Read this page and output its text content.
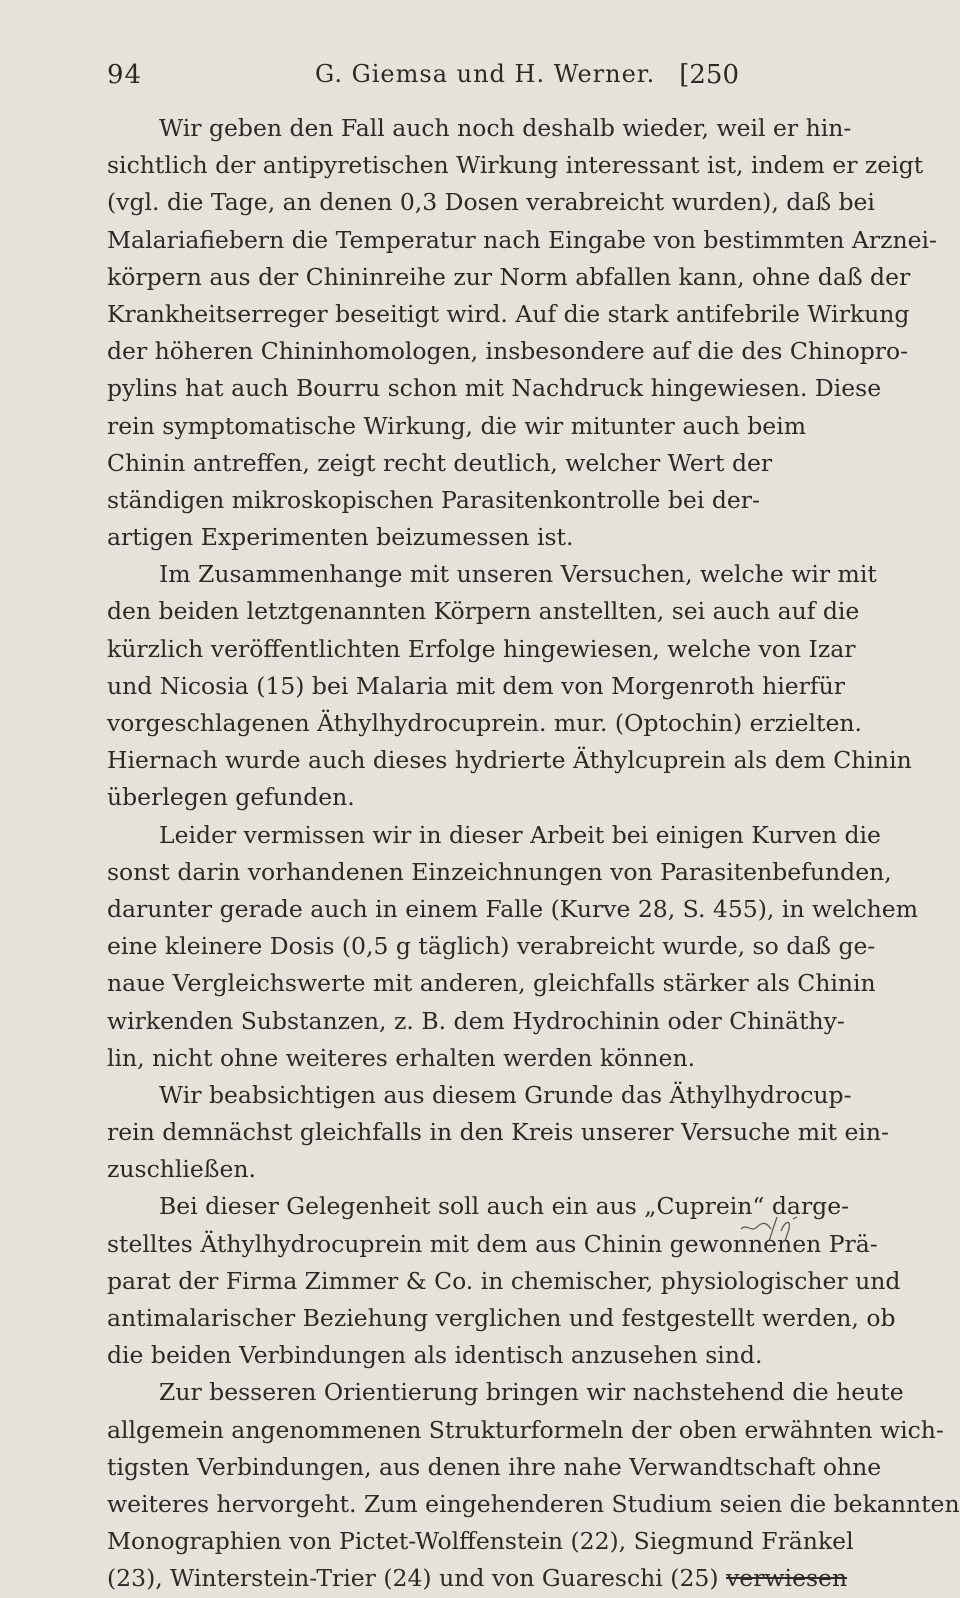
94	G. Giemsa und H. Werner. [250
Wir geben den Fall auch noch deshalb wieder, weil er hin-
sichtlich der antipyretischen Wirkung interessant ist, indem er zeigt
(vgl. die Tage, an denen 0,3 Dosen verabreicht wurden), daß bei
Malariafiebern die Temperatur nach Eingabe von bestimmten Arznei-
körpern aus der Chininreihe zur Norm abfallen kann, ohne daß der
Krankheitserreger beseitigt wird. Auf die stark antifebrile Wirkung
der höheren Chininhomologen, insbesondere auf die des Chinopro-
pylins hat auch Bourru schon mit Nachdruck hingewiesen. Diese
rein symptomatische Wirkung, die wir mitunter auch beim
Chinin antreffen, zeigt recht deutlich, welcher Wert der
ständigen mikroskopischen Parasitenkontrolle bei der-
artigen Experimenten beizumessen ist.
Im Zusammenhange mit unseren Versuchen, welche wir mit
den beiden letztgenannten Körpern anstellten, sei auch auf die
kürzlich veröffentlichten Erfolge hingewiesen, welche von Izar
und Nicosia (15) bei Malaria mit dem von Morgenroth hierfür
vorgeschlagenen Äthylhydrocuprein. mur. (Optochin) erzielten.
Hiernach wurde auch dieses hydrierte Äthylcuprein als dem Chinin
überlegen gefunden.
Leider vermissen wir in dieser Arbeit bei einigen Kurven die
sonst darin vorhandenen Einzeichnungen von Parasitenbefunden,
darunter gerade auch in einem Falle (Kurve 28, S. 455), in welchem
eine kleinere Dosis (0,5 g täglich) verabreicht wurde, so daß ge-
naue Vergleichswerte mit anderen, gleichfalls stärker als Chinin
wirkenden Substanzen, z. B. dem Hydrochinin oder Chinäthy-
lin, nicht ohne weiteres erhalten werden können.
Wir beabsichtigen aus diesem Grunde das Äthylhydrocup-
rein demnächst gleichfalls in den Kreis unserer Versuche mit ein-
zuschließen.
Bei dieser Gelegenheit soll auch ein aus „Cuprein“ darge-
stelltes Äthylhydrocuprein mit dem aus Chinin gewonnenen Prä-
parat der Firma Zimmer & Co. in chemischer, physiologischer und
antimalarischer Beziehung verglichen und festgestellt werden, ob
die beiden Verbindungen als identisch anzusehen sind.
Zur besseren Orientierung bringen wir nachstehend die heute
allgemein angenommenen Strukturformeln der oben erwähnten wich-
tigsten Verbindungen, aus denen ihre nahe Verwandtschaft ohne
weiteres hervorgeht. Zum eingehenderen Studium seien die bekannten
Monographien von Pictet-Wolffenstein (22), Siegmund Fränkel
(23), Winterstein-Trier (24) und von Guareschi (25) verwiesen
